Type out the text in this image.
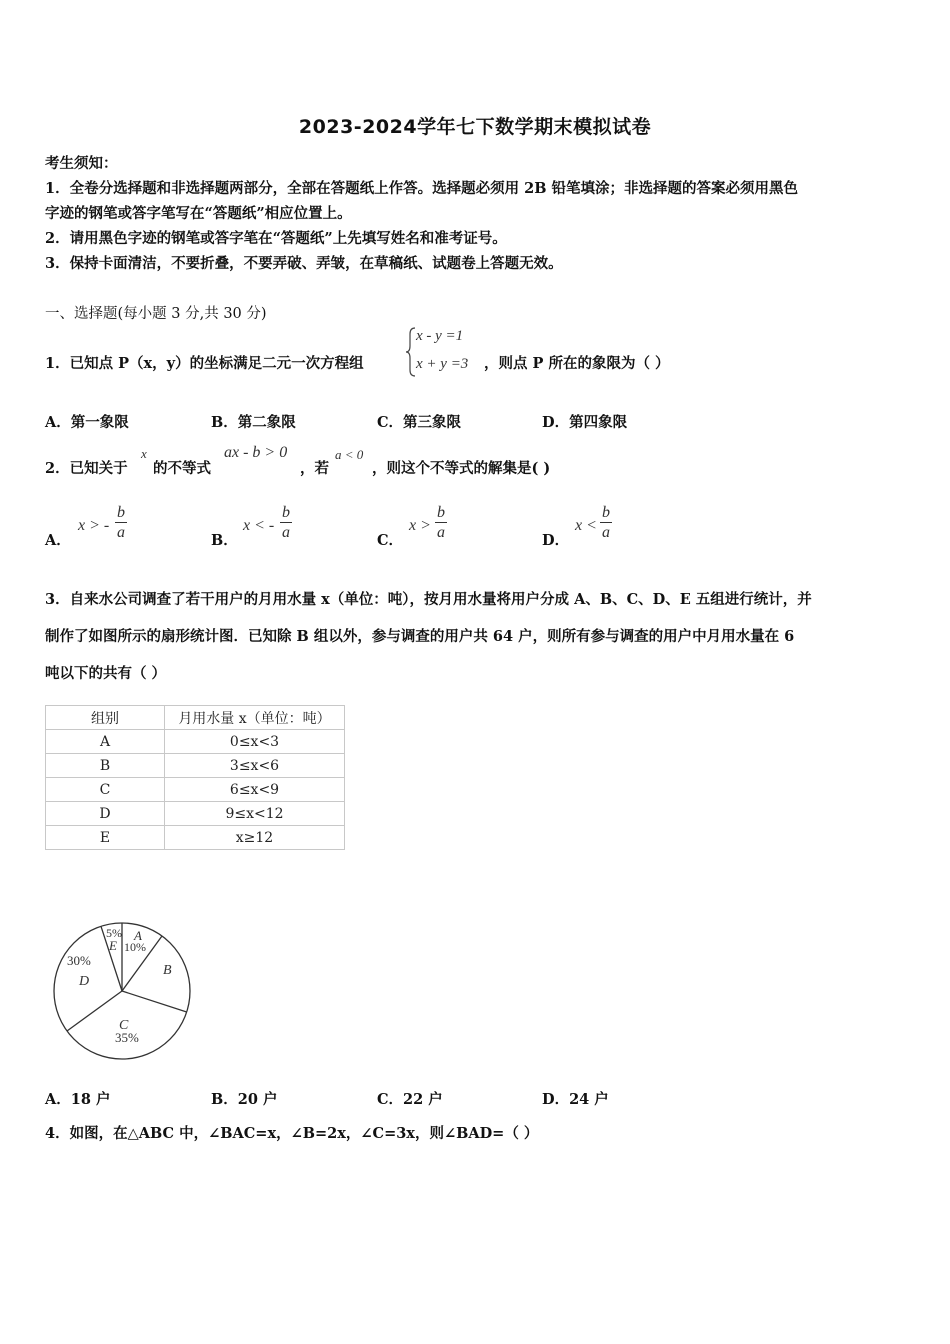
2023-2024学年七下数学期末模拟试卷
考生须知：
1．全卷分选择题和非选择题两部分，全部在答题纸上作答。选择题必须用 2B 铅笔填涂；非选择题的答案必须用黑色
字迹的钢笔或答字笔写在“答题纸”相应位置上。
2．请用黑色字迹的钢笔或答字笔在“答题纸”上先填写姓名和准考证号。
3．保持卡面清洁，不要折叠，不要弄破、弄皱，在草稿纸、试题卷上答题无效。
一、选择题(每小题 3 分,共 30 分)
1．已知点 P（x，y）的坐标满足二元一次方程组
x - y =1
x + y =3 ，则点 P 所在的象限为（ ）
A．第一象限	B．第二象限	C．第三象限	D．第四象限
2．已知关于
x
的不等式
ax - b > 0
，若
a < 0
，则这个不等式的解集是( )
A．
x > - $\frac{b}{a}$	B．
x < - $\frac{b}{a}$	C．
$x > \frac{b}{a}$	D．
$x < \frac{b}{a}$
3．自来水公司调查了若干用户的月用水量 x（单位：吨），按月用水量将用户分成 A、B、C、D、E 五组进行统计，并
制作了如图所示的扇形统计图．已知除 B 组以外，参与调查的用户共 64 户，则所有参与调查的用户中月用水量在 6
吨以下的共有（ ）
组别	月用水量 x（单位：吨）
A	0≤x<3
B	3≤x<6
C	6≤x<9
D	9≤x<12
E	x≥12
5%
E
A
10%
B
30%
D
C
35%
A．18 户	B．20 户	C．22 户	D．24 户
4．如图，在△ABC 中，∠BAC=x，∠B=2x，∠C=3x，则∠BAD=（ ）
